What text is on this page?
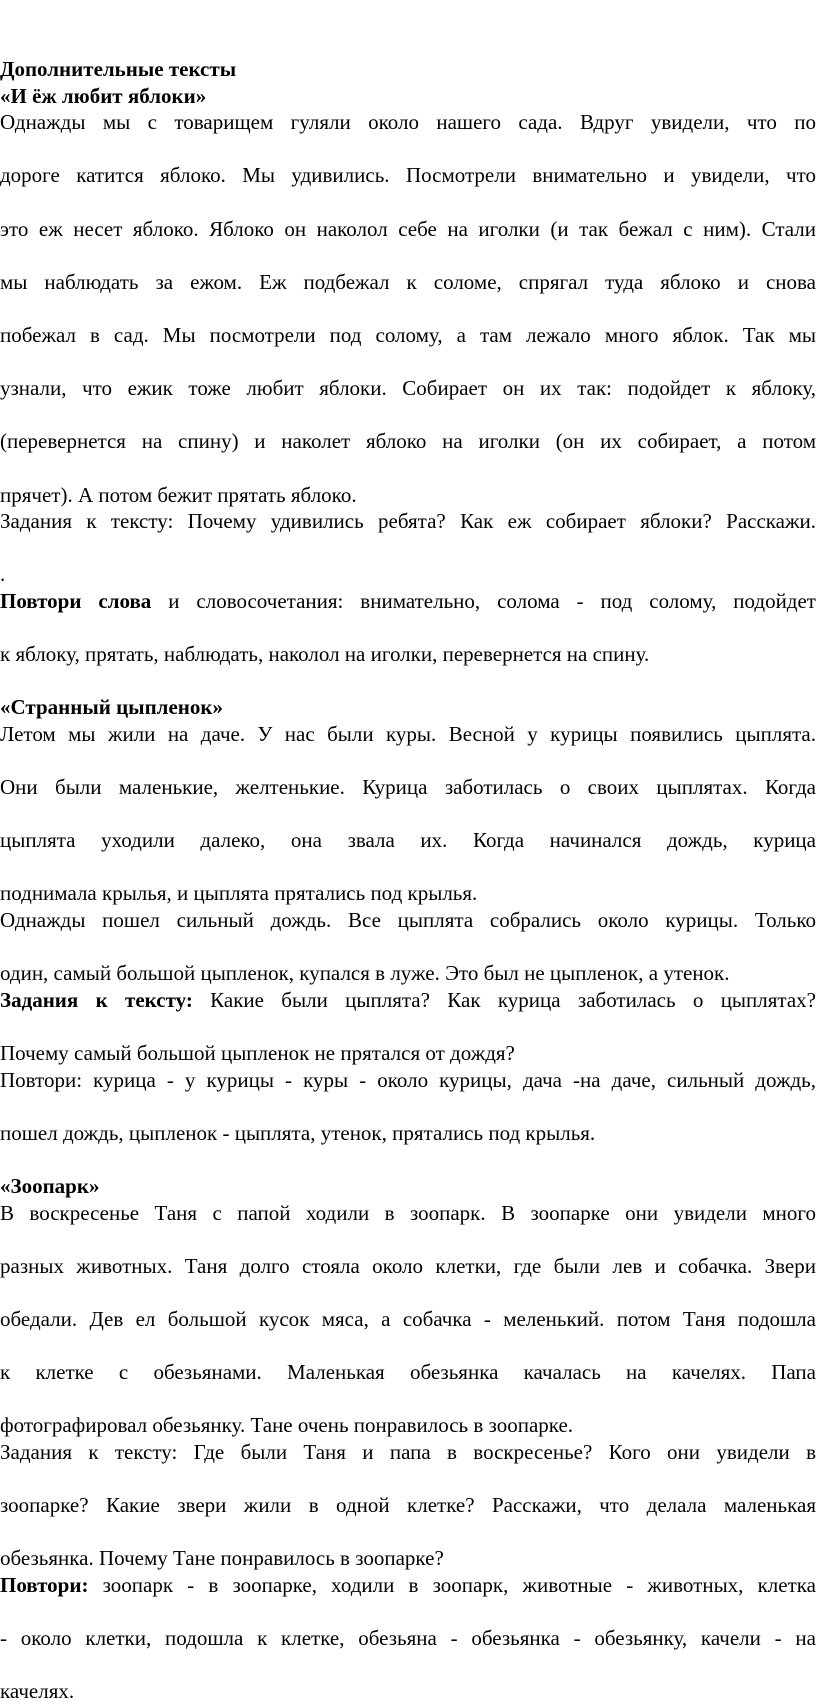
Дополнительные тексты

«И ёж любит яблоки»

Однажды мы с товарищем гуляли около нашего сада. Вдруг увидели, что по

дороге катится яблоко. Мы удивились. Посмотрели внимательно и увидели, что

это еж несет яблоко. Яблоко он наколол себе на иголки (и так бежал с ним). Стали

мы наблюдать за ежом. Еж подбежал к соломе, спрягал туда яблоко и снова

побежал в сад. Мы посмотрели под солому, а там лежало много яблок. Так мы

узнали, что ежик тоже любит яблоки. Собирает он их так: подойдет к яблоку,

(перевернется на спину) и наколет яблоко на иголки (он их собирает, а потом

прячет). А потом бежит прятать яблоко.

Задания к тексту: Почему удивились ребята? Как еж собирает яблоки? Расскажи.

.

Повтори слова и словосочетания: внимательно, солома - под солому, подойдет

к яблоку, прятать, наблюдать, наколол на иголки, перевернется на спину.

«Странный цыпленок»

Летом мы жили на даче. У нас были куры. Весной у курицы появились цыплята.

Они были маленькие, желтенькие. Курица заботилась о своих цыплятах. Когда

цыплята уходили далеко, она звала их. Когда начинался дождь, курица

поднимала крылья, и цыплята прятались под крылья.

Однажды пошел сильный дождь. Все цыплята собрались около курицы. Только

один, самый большой цыпленок, купался в луже. Это был не цыпленок, а утенок.

Задания к тексту: Какие были цыплята? Как курица заботилась о цыплятах?

Почему самый большой цыпленок не прятался от дождя?

Повтори: курица - у курицы - куры - около курицы, дача -на даче, сильный дождь,

пошел дождь, цыпленок - цыплята, утенок, прятались под крылья.

«Зоопарк»

В воскресенье Таня с папой ходили в зоопарк. В зоопарке они увидели много

разных животных. Таня долго стояла около клетки, где были лев и собачка. Звери

обедали. Дев ел большой кусок мяса, а собачка - меленький. потом Таня подошла

к клетке с обезьянами. Маленькая обезьянка качалась на качелях. Папа

фотографировал обезьянку. Тане очень понравилось в зоопарке.

Задания к тексту: Где были Таня и папа в воскресенье? Кого они увидели в

зоопарке? Какие звери жили в одной клетке? Расскажи, что делала маленькая

обезьянка. Почему Тане понравилось в зоопарке?

Повтори: зоопарк - в зоопарке, ходили в зоопарк, животные - животных, клетка

- около клетки, подошла к клетке, обезьяна - обезьянка - обезьянку, качели - на

качелях.
